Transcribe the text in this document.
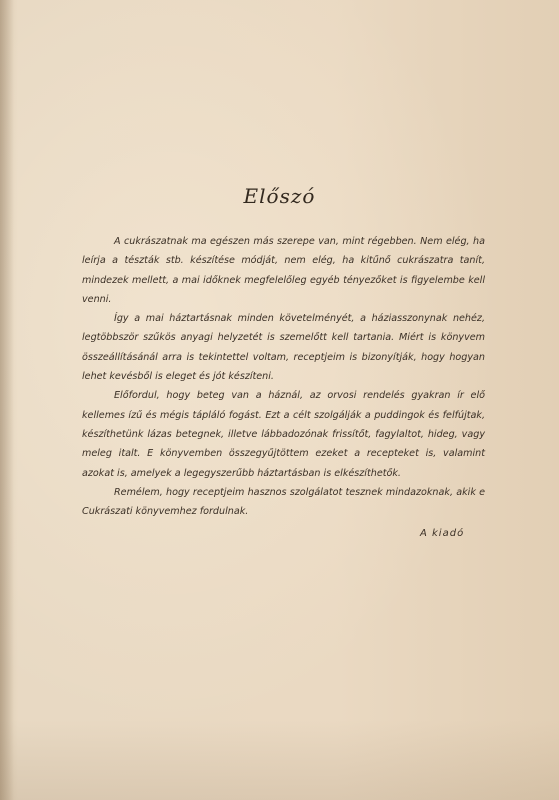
Előszó

A cukrászatnak ma egészen más szerepe van, mint régebben. Nem elég, ha leírja a tészták stb. készítése módját, nem elég, ha kitűnő cukrászatra tanít, mindezek mellett, a mai időknek megfelelőleg egyéb tényezőket is figyelembe kell venni.

Így a mai háztartásnak minden követelményét, a háziasszonynak nehéz, legtöbbször szűkös anyagi helyzetét is szemelőtt kell tartania. Miért is könyvem összeállításánál arra is tekintettel voltam, receptjeim is bizonyítják, hogy hogyan lehet kevésből is eleget és jót készíteni.

Előfordul, hogy beteg van a háznál, az orvosi rendelés gyakran ír elő kellemes ízű és mégis tápláló fogást. Ezt a célt szolgálják a puddingok és felfújtak, készíthetünk lázas betegnek, illetve lábbadozónak frissítőt, fagylaltot, hideg, vagy meleg italt. E könyvemben összegyűjtöttem ezeket a recepteket is, valamint azokat is, amelyek a legegyszerűbb háztartásban is elkészíthetők.

Remélem, hogy receptjeim hasznos szolgálatot tesznek mindazoknak, akik e Cukrászati könyvemhez fordulnak.

A kiadó
